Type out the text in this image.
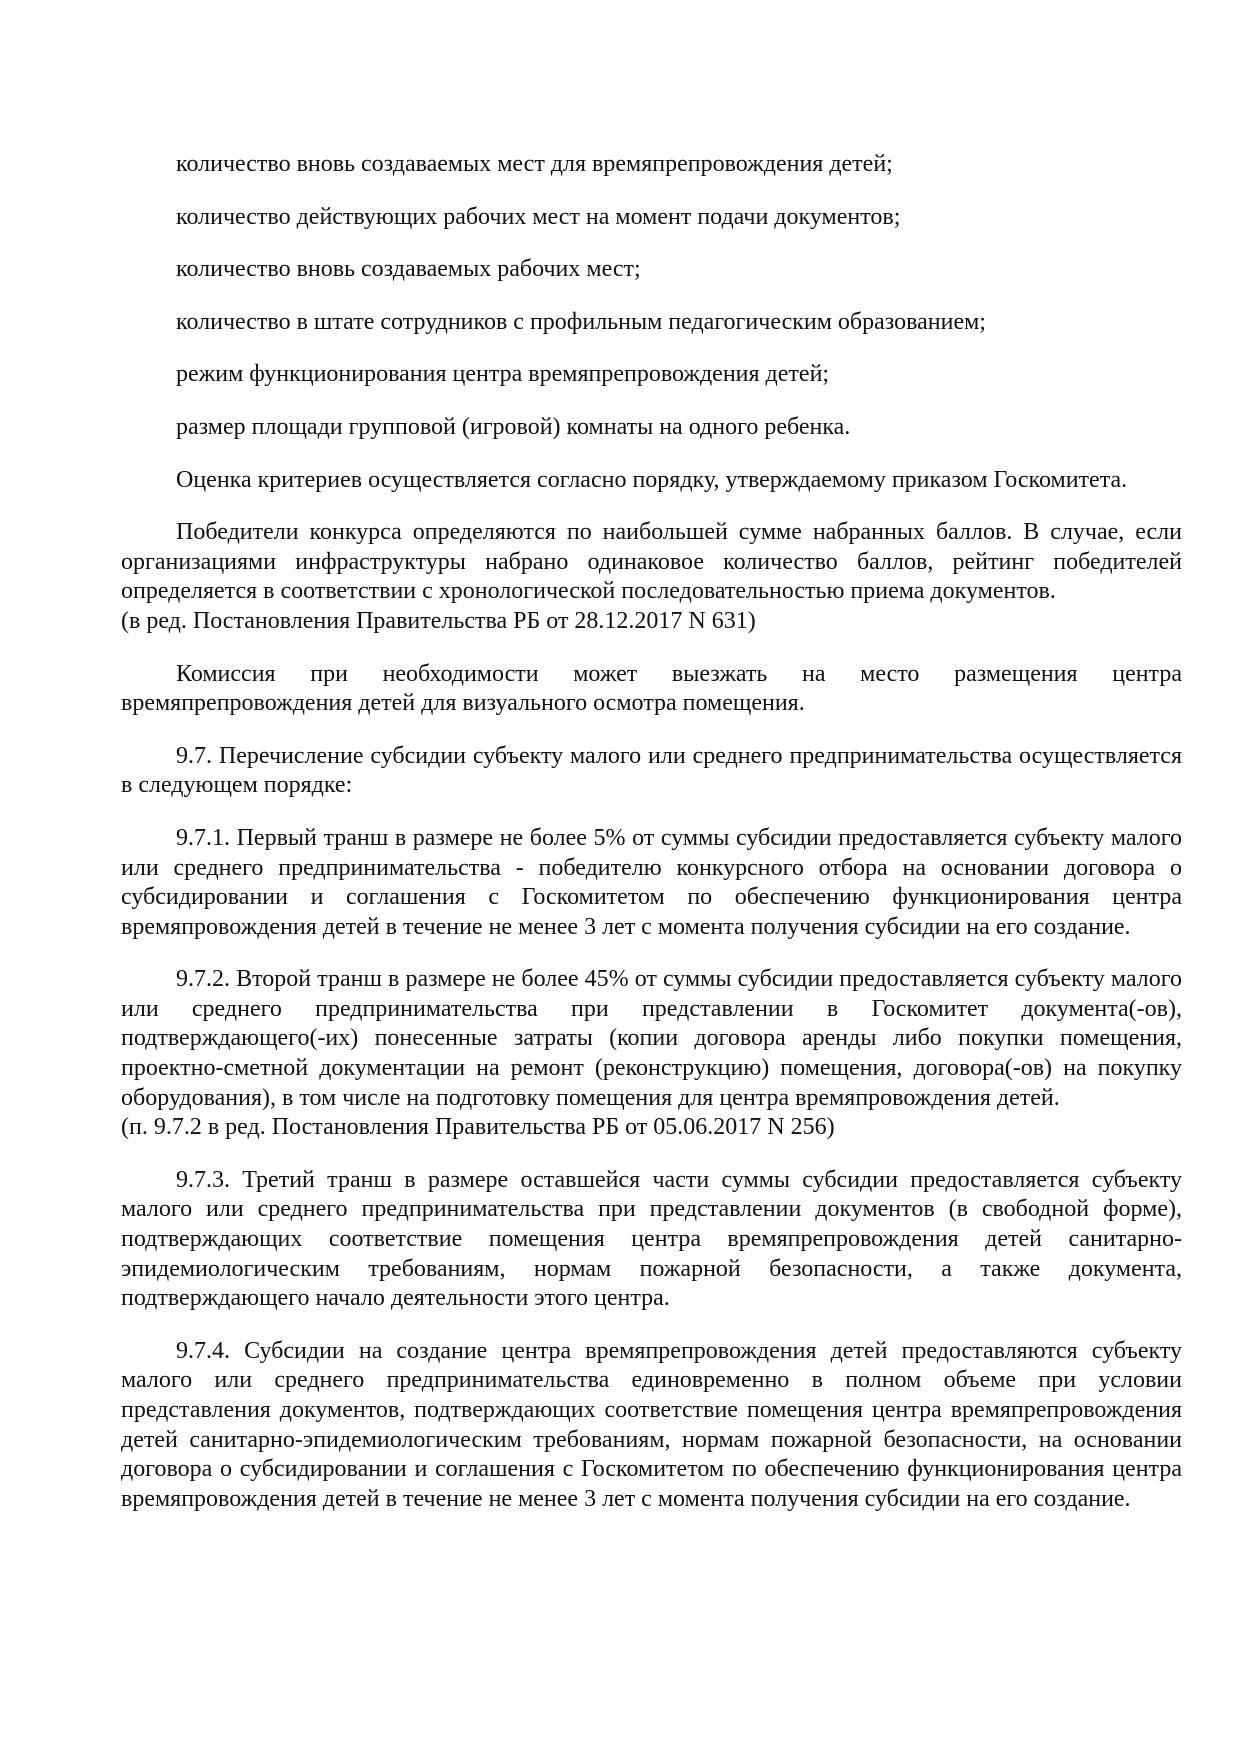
количество вновь создаваемых мест для времяпрепровождения детей;

количество действующих рабочих мест на момент подачи документов;

количество вновь создаваемых рабочих мест;

количество в штате сотрудников с профильным педагогическим образованием;

режим функционирования центра времяпрепровождения детей;

размер площади групповой (игровой) комнаты на одного ребенка.

Оценка критериев осуществляется согласно порядку, утверждаемому приказом Госкомитета.

Победители конкурса определяются по наибольшей сумме набранных баллов. В случае, если организациями инфраструктуры набрано одинаковое количество баллов, рейтинг победителей определяется в соответствии с хронологической последовательностью приема документов.

(в ред. Постановления Правительства РБ от 28.12.2017 N 631)

Комиссия при необходимости может выезжать на место размещения центра времяпрепровождения детей для визуального осмотра помещения.

9.7. Перечисление субсидии субъекту малого или среднего предпринимательства осуществляется в следующем порядке:

9.7.1. Первый транш в размере не более 5% от суммы субсидии предоставляется субъекту малого или среднего предпринимательства - победителю конкурсного отбора на основании договора о субсидировании и соглашения с Госкомитетом по обеспечению функционирования центра времяпровождения детей в течение не менее 3 лет с момента получения субсидии на его создание.

9.7.2. Второй транш в размере не более 45% от суммы субсидии предоставляется субъекту малого или среднего предпринимательства при представлении в Госкомитет документа(-ов), подтверждающего(-их) понесенные затраты (копии договора аренды либо покупки помещения, проектно-сметной документации на ремонт (реконструкцию) помещения, договора(-ов) на покупку оборудования), в том числе на подготовку помещения для центра времяпровождения детей.

(п. 9.7.2 в ред. Постановления Правительства РБ от 05.06.2017 N 256)

9.7.3. Третий транш в размере оставшейся части суммы субсидии предоставляется субъекту малого или среднего предпринимательства при представлении документов (в свободной форме), подтверждающих соответствие помещения центра времяпрепровождения детей санитарно-эпидемиологическим требованиям, нормам пожарной безопасности, а также документа, подтверждающего начало деятельности этого центра.

9.7.4. Субсидии на создание центра времяпрепровождения детей предоставляются субъекту малого или среднего предпринимательства единовременно в полном объеме при условии представления документов, подтверждающих соответствие помещения центра времяпрепровождения детей санитарно-эпидемиологическим требованиям, нормам пожарной безопасности, на основании договора о субсидировании и соглашения с Госкомитетом по обеспечению функционирования центра времяпровождения детей в течение не менее 3 лет с момента получения субсидии на его создание.
